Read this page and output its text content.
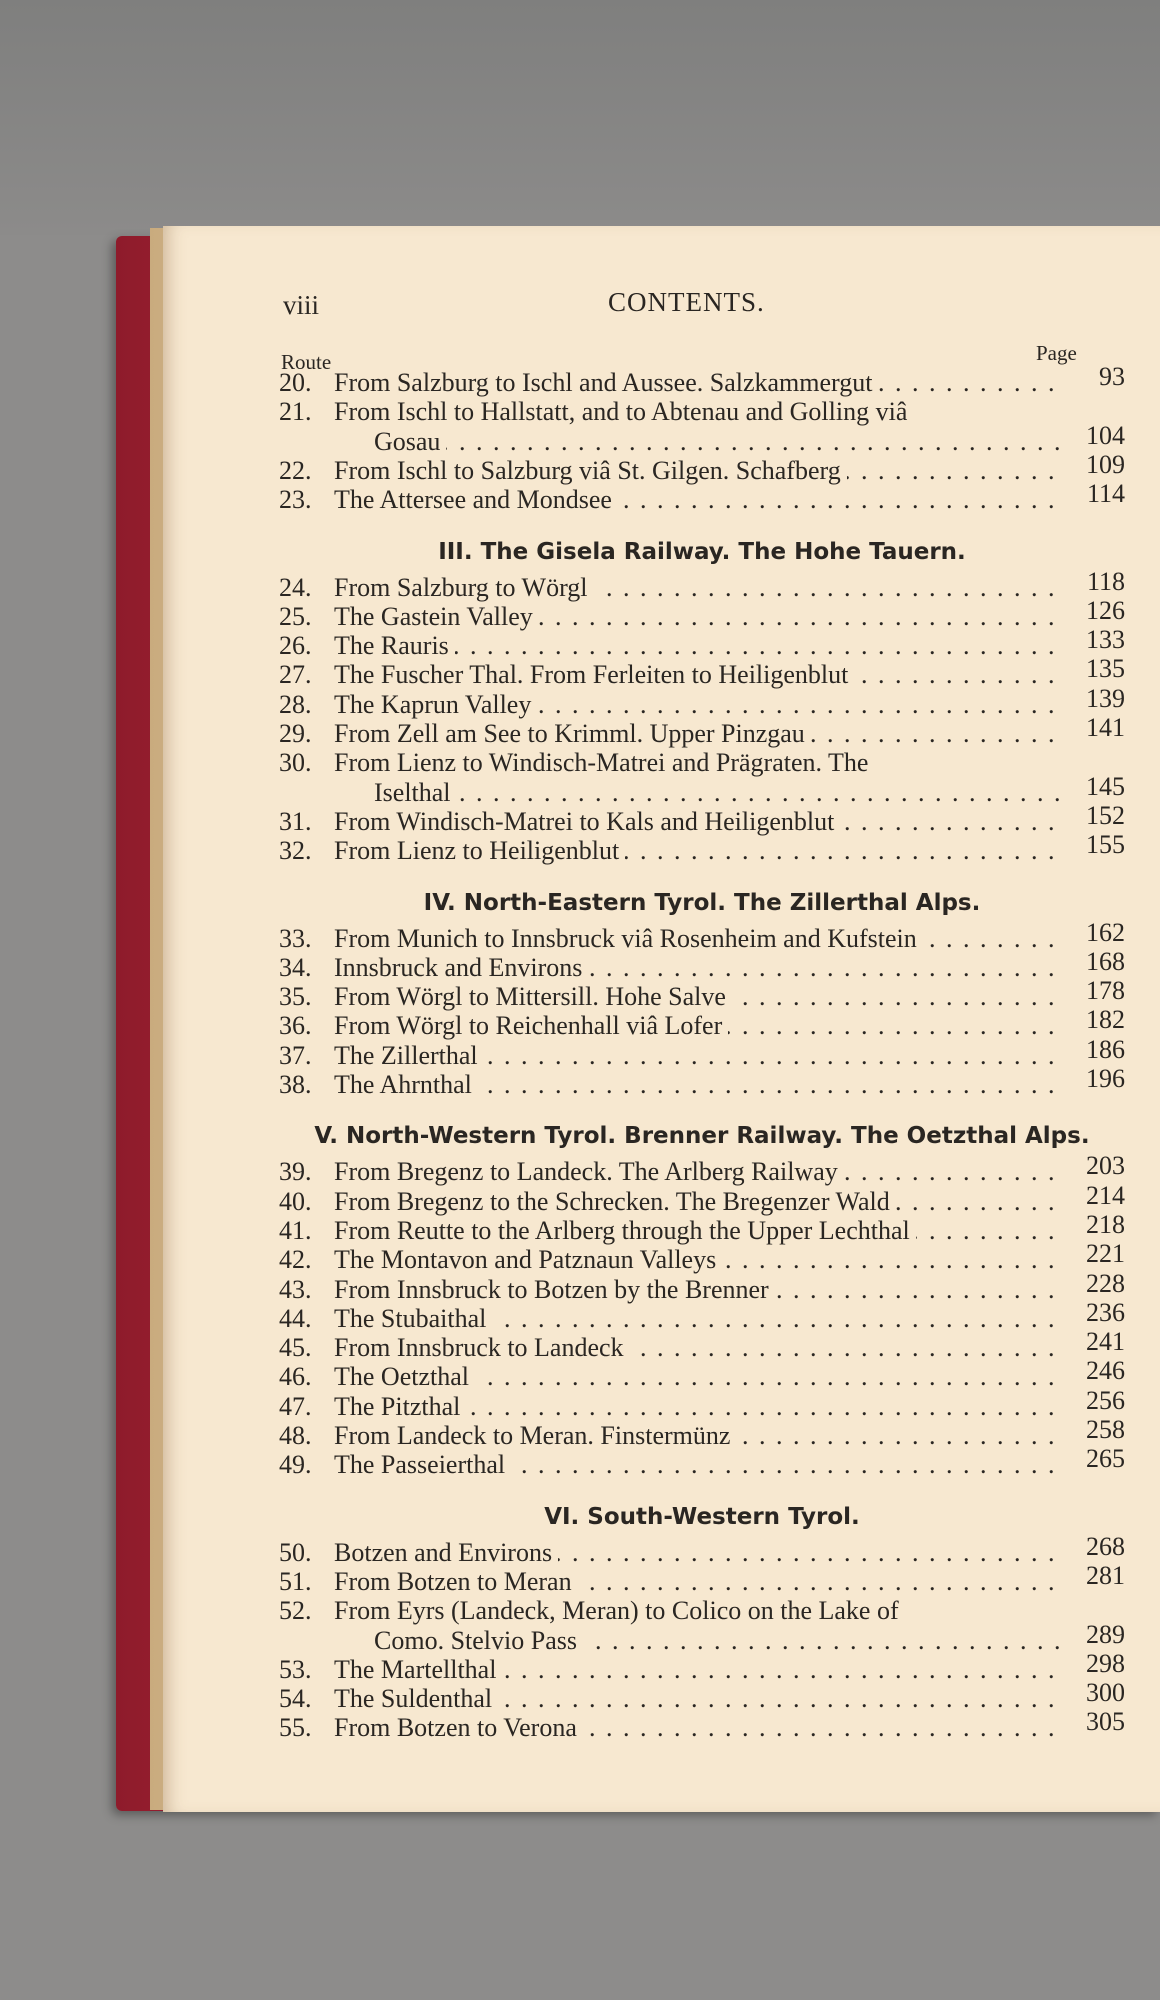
viii	CONTENTS.
Route	Page
20. From Salzburg to Ischl and Aussee. Salzkammergut . . .	93
21. From Ischl to Hallstatt, and to Abtenau and Golling viâ
Gosau . . .	104
22. From Ischl to Salzburg viâ St. Gilgen. Schafberg . . .	109
23. The Attersee and Mondsee . . .	114
III. The Gisela Railway. The Hohe Tauern.
24. From Salzburg to Wörgl . . .	118
25. The Gastein Valley . . .	126
26. The Rauris . . .	133
27. The Fuscher Thal. From Ferleiten to Heiligenblut . . .	135
28. The Kaprun Valley . . .	139
29. From Zell am See to Krimml. Upper Pinzgau . . .	141
30. From Lienz to Windisch-Matrei and Prägraten. The
Iselthal . . .	145
31. From Windisch-Matrei to Kals and Heiligenblut . . .	152
32. From Lienz to Heiligenblut . . .	155
IV. North-Eastern Tyrol. The Zillerthal Alps.
33. From Munich to Innsbruck viâ Rosenheim and Kufstein . . .	162
34. Innsbruck and Environs . . .	168
35. From Wörgl to Mittersill. Hohe Salve . . .	178
36. From Wörgl to Reichenhall viâ Lofer . . .	182
37. The Zillerthal . . .	186
38. The Ahrnthal . . .	196
V. North-Western Tyrol. Brenner Railway. The Oetzthal Alps.
39. From Bregenz to Landeck. The Arlberg Railway . . .	203
40. From Bregenz to the Schrecken. The Bregenzer Wald . . .	214
41. From Reutte to the Arlberg through the Upper Lechthal . . .	218
42. The Montavon and Patznaun Valleys . . .	221
43. From Innsbruck to Botzen by the Brenner . . .	228
44. The Stubaithal . . .	236
45. From Innsbruck to Landeck . . .	241
46. The Oetzthal . . .	246
47. The Pitzthal . . .	256
48. From Landeck to Meran. Finstermünz . . .	258
49. The Passeierthal . . .	265
VI. South-Western Tyrol.
50. Botzen and Environs . . .	268
51. From Botzen to Meran . . .	281
52. From Eyrs (Landeck, Meran) to Colico on the Lake of
Como. Stelvio Pass . . .	289
53. The Martellthal . . .	298
54. The Suldenthal . . .	300
55. From Botzen to Verona . . .	305
